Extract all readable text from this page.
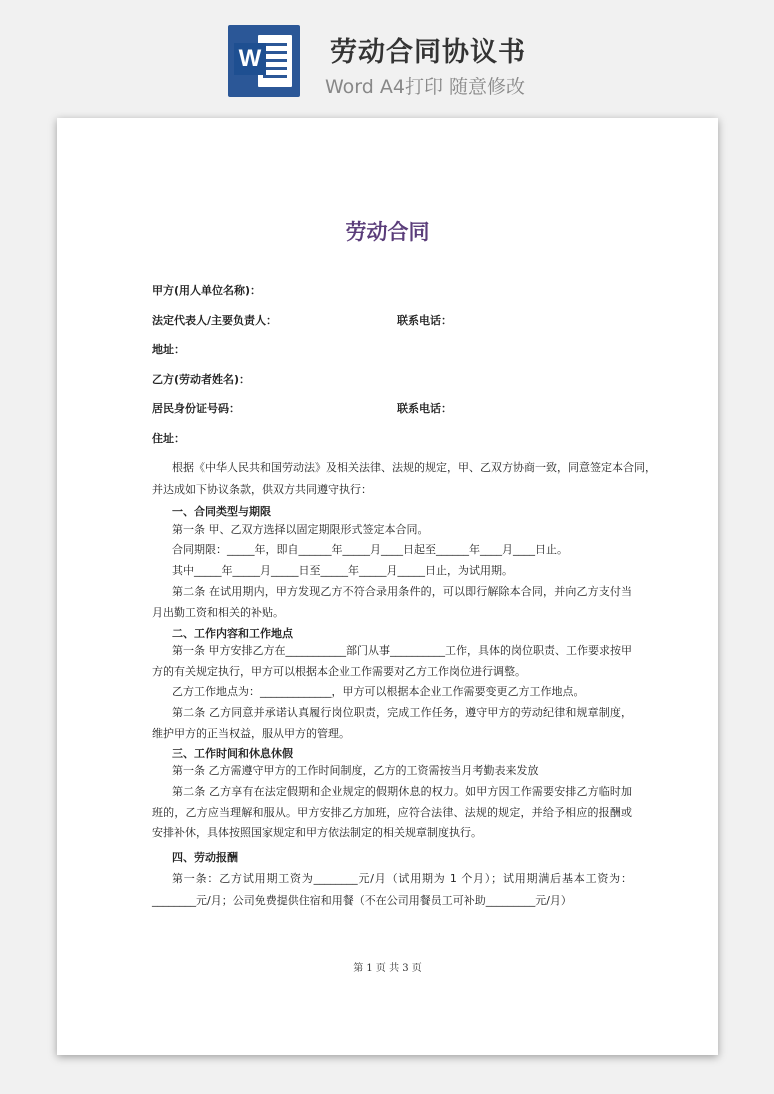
W	劳动合同协议书
Word A4打印 随意修改
劳动合同
甲方(用人单位名称)：
法定代表人/主要负责人：	联系电话：
地址：
乙方(劳动者姓名)：
居民身份证号码：	联系电话：
住址：
根据《中华人民共和国劳动法》及相关法律、法规的规定，甲、乙双方协商一致，同意签定本合同，
并达成如下协议条款，供双方共同遵守执行：
一、合同类型与期限
第一条 甲、乙双方选择以固定期限形式签定本合同。
合同期限：_____年，即自______年_____月____日起至______年____月____日止。
其中_____年_____月_____日至_____年_____月_____日止，为试用期。
第二条 在试用期内，甲方发现乙方不符合录用条件的，可以即行解除本合同，并向乙方支付当月出勤工资和相关的补贴。
二、工作内容和工作地点
第一条 甲方安排乙方在___________部门从事__________工作，具体的岗位职责、工作要求按甲方的有关规定执行，甲方可以根据本企业工作需要对乙方工作岗位进行调整。
乙方工作地点为：_____________，甲方可以根据本企业工作需要变更乙方工作地点。
第二条 乙方同意并承诺认真履行岗位职责，完成工作任务，遵守甲方的劳动纪律和规章制度，维护甲方的正当权益，服从甲方的管理。
三、工作时间和休息休假
第一条 乙方需遵守甲方的工作时间制度，乙方的工资需按当月考勤表来发放
第二条 乙方享有在法定假期和企业规定的假期休息的权力。如甲方因工作需要安排乙方临时加班的，乙方应当理解和服从。甲方安排乙方加班，应符合法律、法规的规定，并给予相应的报酬或安排补休，具体按照国家规定和甲方依法制定的相关规章制度执行。
四、劳动报酬
第一条：乙方试用期工资为________元/月（试用期为 1 个月）；试用期满后基本工资为：________元/月；公司免费提供住宿和用餐（不在公司用餐员工可补助_________元/月）
第 1 页 共 3 页
